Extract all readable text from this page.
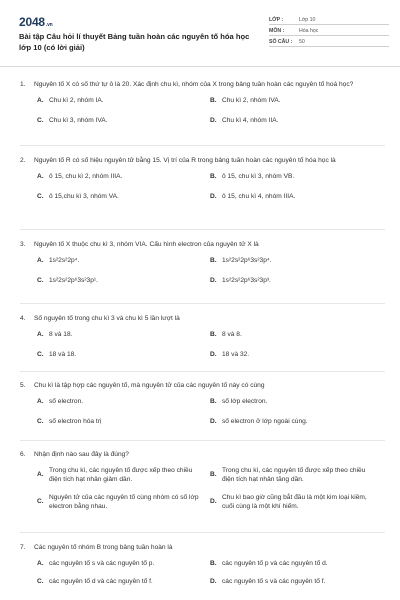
2048.vn
Bài tập Câu hỏi lí thuyết Bảng tuần hoàn các nguyên tố hóa học lớp 10 (có lời giải)
LỚP :	Lớp 10
MÔN :	Hóa học
SỐ CÂU :	50
1.	Nguyên tố X có số thứ tự ô là 20. Xác định chu kì, nhóm của X trong bảng tuần hoàn các nguyên tố hoá học?
A. Chu kì 2, nhóm IA.	B. Chu kì 2, nhóm IVA.
C. Chu kì 3, nhóm IVA.	D. Chu kì 4, nhóm IIA.
2.	Nguyên tố R có số hiệu nguyên tử bằng 15. Vị trí của R trong bảng tuần hoàn các nguyên tố hóa học là
A. ô 15, chu kì 2, nhóm IIIA.	B. ô 15, chu kì 3, nhóm VB.
C. ô 15,chu kì 3, nhóm VA.	D. ô 15, chu kì 4, nhóm IIIA.
3.	Nguyên tố X thuộc chu kì 3, nhóm VIA. Cấu hình electron của nguyên tử X là
A. 1s²2s²2p⁴.	B. 1s²2s²2p⁶3s²3p⁴.
C. 1s²2s²2p⁶3s²3p¹.	D. 1s²2s²2p⁶3s²3p³.
4.	Số nguyên tố trong chu kì 3 và chu kì 5 lần lượt là
A. 8 và 18.	B. 8 và 8.
C. 18 và 18.	D. 18 và 32.
5.	Chu kì là tập hợp các nguyên tố, mà nguyên tử của các nguyên tố này có cùng
A. số electron.	B. số lớp electron.
C. số electron hóa trị	D. số electron ở lớp ngoài cùng.
6.	Nhận định nào sau đây là đúng?
A.
Trong chu kì, các nguyên tố được xếp theo chiều điện tích hạt nhân giảm dần.
B.
Trong chu kì, các nguyên tố được xếp theo chiều điện tích hạt nhân tăng dần.
C.
Nguyên tử của các nguyên tố cùng nhóm có số lớp electron bằng nhau.
D.
Chu kì bao giờ cũng bắt đầu là một kim loại kiềm, cuối cùng là một khí hiếm.
7.	Các nguyên tố nhóm B trong bảng tuần hoàn là
A. các nguyên tố s và các nguyên tố p.	B. các nguyên tố p và các nguyên tố d.
C. các nguyên tố d và các nguyên tố f.	D. các nguyên tố s và các nguyên tố f.
